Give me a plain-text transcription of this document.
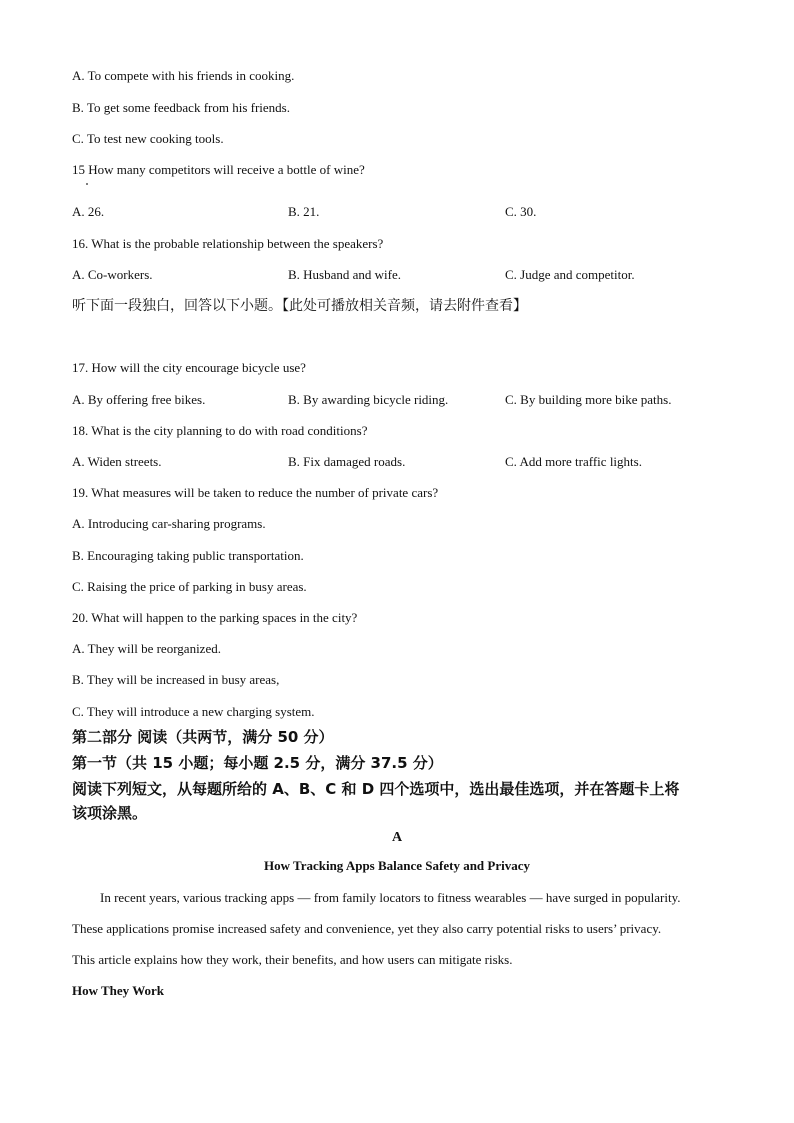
A. To compete with his friends in cooking.
B. To get some feedback from his friends.
C. To test new cooking tools.
15 How many competitors will receive a bottle of wine?
A. 26.	B. 21.	C. 30.
16. What is the probable relationship between the speakers?
A. Co-workers.	B. Husband and wife.	C. Judge and competitor.
听下面一段独白，回答以下小题。【此处可播放相关音频，请去附件查看】
17. How will the city encourage bicycle use?
A. By offering free bikes.	B. By awarding bicycle riding.	C. By building more bike paths.
18. What is the city planning to do with road conditions?
A. Widen streets.	B. Fix damaged roads.	C. Add more traffic lights.
19. What measures will be taken to reduce the number of private cars?
A. Introducing car-sharing programs.
B. Encouraging taking public transportation.
C. Raising the price of parking in busy areas.
20. What will happen to the parking spaces in the city?
A. They will be reorganized.
B. They will be increased in busy areas,
C. They will introduce a new charging system.
第二部分 阅读（共两节，满分 50 分）
第一节（共 15 小题；每小题 2.5 分，满分 37.5 分）
阅读下列短文，从每题所给的 A、B、C 和 D 四个选项中，选出最佳选项，并在答题卡上将
该项涂黑。
A
How Tracking Apps Balance Safety and Privacy
In recent years, various tracking apps — from family locators to fitness wearables — have surged in popularity.
These applications promise increased safety and convenience, yet they also carry potential risks to users’ privacy.
This article explains how they work, their benefits, and how users can mitigate risks.
How They Work
